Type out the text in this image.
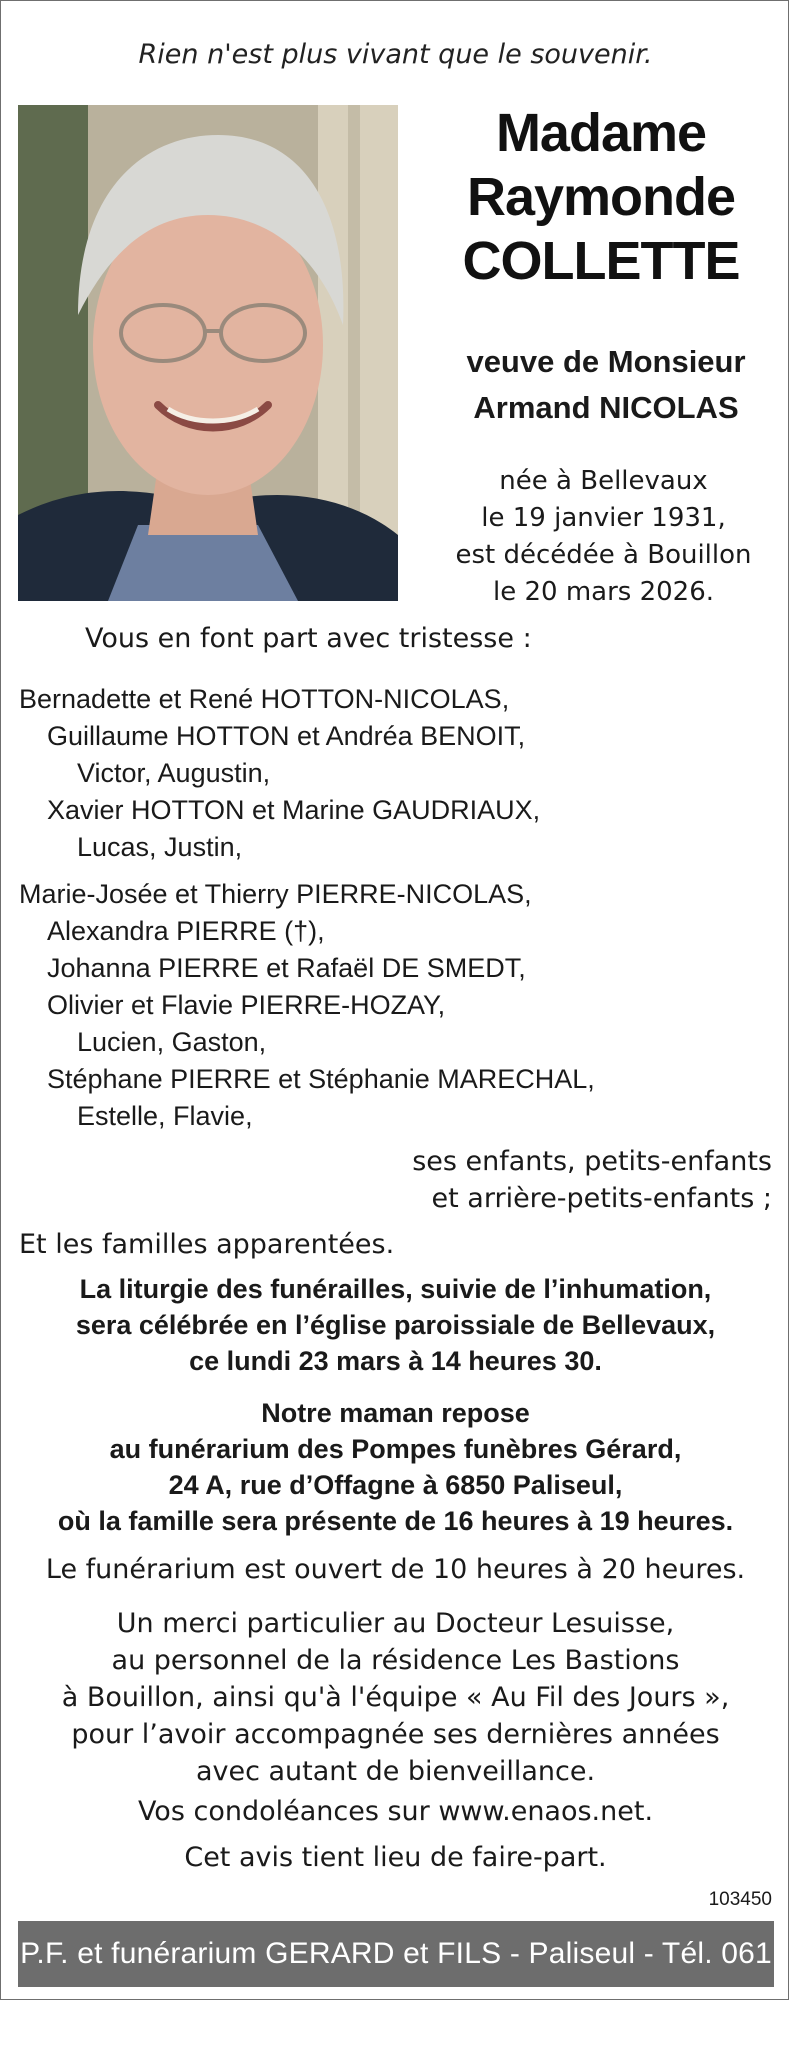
Rien n'est plus vivant que le souvenir.
Madame
Raymonde
COLLETTE
veuve de Monsieur
Armand NICOLAS
née à Bellevaux
le 19 janvier 1931,
est décédée à Bouillon
le 20 mars 2026.
Vous en font part avec tristesse :
Bernadette et René HOTTON-NICOLAS,
Guillaume HOTTON et Andréa BENOIT,
Victor, Augustin,
Xavier HOTTON et Marine GAUDRIAUX,
Lucas, Justin,
Marie-Josée et Thierry PIERRE-NICOLAS,
Alexandra PIERRE (†),
Johanna PIERRE et Rafaël DE SMEDT,
Olivier et Flavie PIERRE-HOZAY,
Lucien, Gaston,
Stéphane PIERRE et Stéphanie MARECHAL,
Estelle, Flavie,
ses enfants, petits-enfants
et arrière-petits-enfants ;
Et les familles apparentées.
La liturgie des funérailles, suivie de l’inhumation,
sera célébrée en l’église paroissiale de Bellevaux,
ce lundi 23 mars à 14 heures 30.
Notre maman repose
au funérarium des Pompes funèbres Gérard,
24 A, rue d’Offagne à 6850 Paliseul,
où la famille sera présente de 16 heures à 19 heures.
Le funérarium est ouvert de 10 heures à 20 heures.
Un merci particulier au Docteur Lesuisse,
au personnel de la résidence Les Bastions
à Bouillon, ainsi qu'à l'équipe « Au Fil des Jours »,
pour l’avoir accompagnée ses dernières années
avec autant de bienveillance.
Vos condoléances sur www.enaos.net.
Cet avis tient lieu de faire-part.
103450
P.F. et funérarium GERARD et FILS - Paliseul - Tél. 061 53 32 84
